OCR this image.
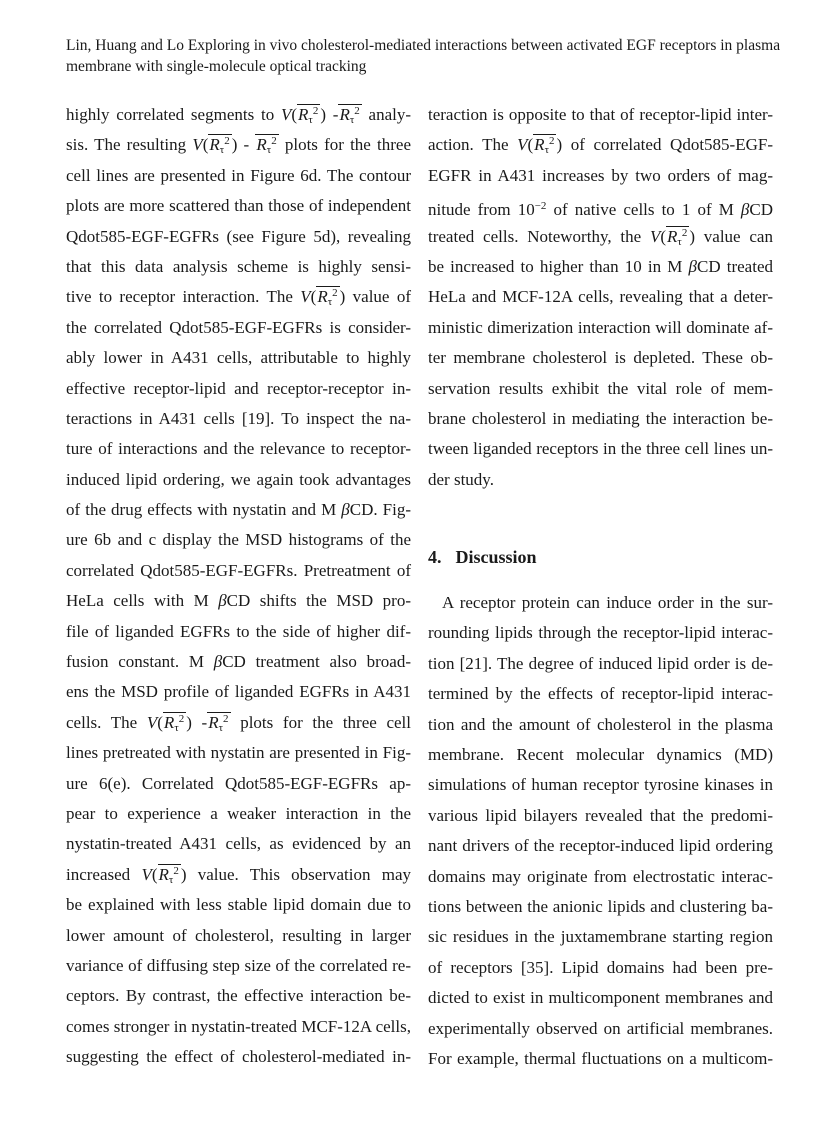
Lin, Huang and Lo Exploring in vivo cholesterol-mediated interactions between activated EGF receptors in plasma
membrane with single-molecule optical tracking
highly correlated segments to $V(R\tau^2$ ) $-R\tau^2$ analy-
sis. The resulting $V(R\tau^2$ ) - $R\tau^2$ plots for the three
cell lines are presented in Figure 6d. The contour
plots are more scattered than those of independent
Qdot585-EGF-EGFRs (see Figure 5d), revealing
that this data analysis scheme is highly sensi-
tive to receptor interaction. The $V(R\tau^2$ ) value of
the correlated Qdot585-EGF-EGFRs is consider-
ably lower in A431 cells, attributable to highly
effective receptor-lipid and receptor-receptor in-
teractions in A431 cells [19]. To inspect the na-
ture of interactions and the relevance to receptor-
induced lipid ordering, we again took advantages
of the drug effects with nystatin and M βCD. Fig-
ure 6b and c display the MSD histograms of the
correlated Qdot585-EGF-EGFRs. Pretreatment of
HeLa cells with M βCD shifts the MSD pro-
file of liganded EGFRs to the side of higher dif-
fusion constant. M βCD treatment also broad-
ens the MSD profile of liganded EGFRs in A431
cells. The $V(R\tau^2$ ) $-R\tau^2$ plots for the three cell
lines pretreated with nystatin are presented in Fig-
ure 6(e). Correlated Qdot585-EGF-EGFRs ap-
pear to experience a weaker interaction in the
nystatin-treated A431 cells, as evidenced by an
increased $V(R\tau^2$ ) value. This observation may
be explained with less stable lipid domain due to
lower amount of cholesterol, resulting in larger
variance of diffusing step size of the correlated re-
ceptors. By contrast, the effective interaction be-
comes stronger in nystatin-treated MCF-12A cells,
suggesting the effect of cholesterol-mediated in-
teraction is opposite to that of receptor-lipid inter-
action. The $V(R\tau^2$ ) of correlated Qdot585-EGF-
EGFR in A431 increases by two orders of mag-
nitude from $10^{-2}$ of native cells to 1 of M βCD
treated cells. Noteworthy, the $V(R\tau^2$ ) value can
be increased to higher than 10 in M βCD treated
HeLa and MCF-12A cells, revealing that a deter-
ministic dimerization interaction will dominate af-
ter membrane cholesterol is depleted. These ob-
servation results exhibit the vital role of mem-
brane cholesterol in mediating the interaction be-
tween liganded receptors in the three cell lines un-
der study.
4. Discussion
A receptor protein can induce order in the sur-
rounding lipids through the receptor-lipid interac-
tion [21]. The degree of induced lipid order is de-
termined by the effects of receptor-lipid interac-
tion and the amount of cholesterol in the plasma
membrane. Recent molecular dynamics (MD)
simulations of human receptor tyrosine kinases in
various lipid bilayers revealed that the predomi-
nant drivers of the receptor-induced lipid ordering
domains may originate from electrostatic interac-
tions between the anionic lipids and clustering ba-
sic residues in the juxtamembrane starting region
of receptors [35]. Lipid domains had been pre-
dicted to exist in multicomponent membranes and
experimentally observed on artificial membranes.
For example, thermal fluctuations on a multicom-
